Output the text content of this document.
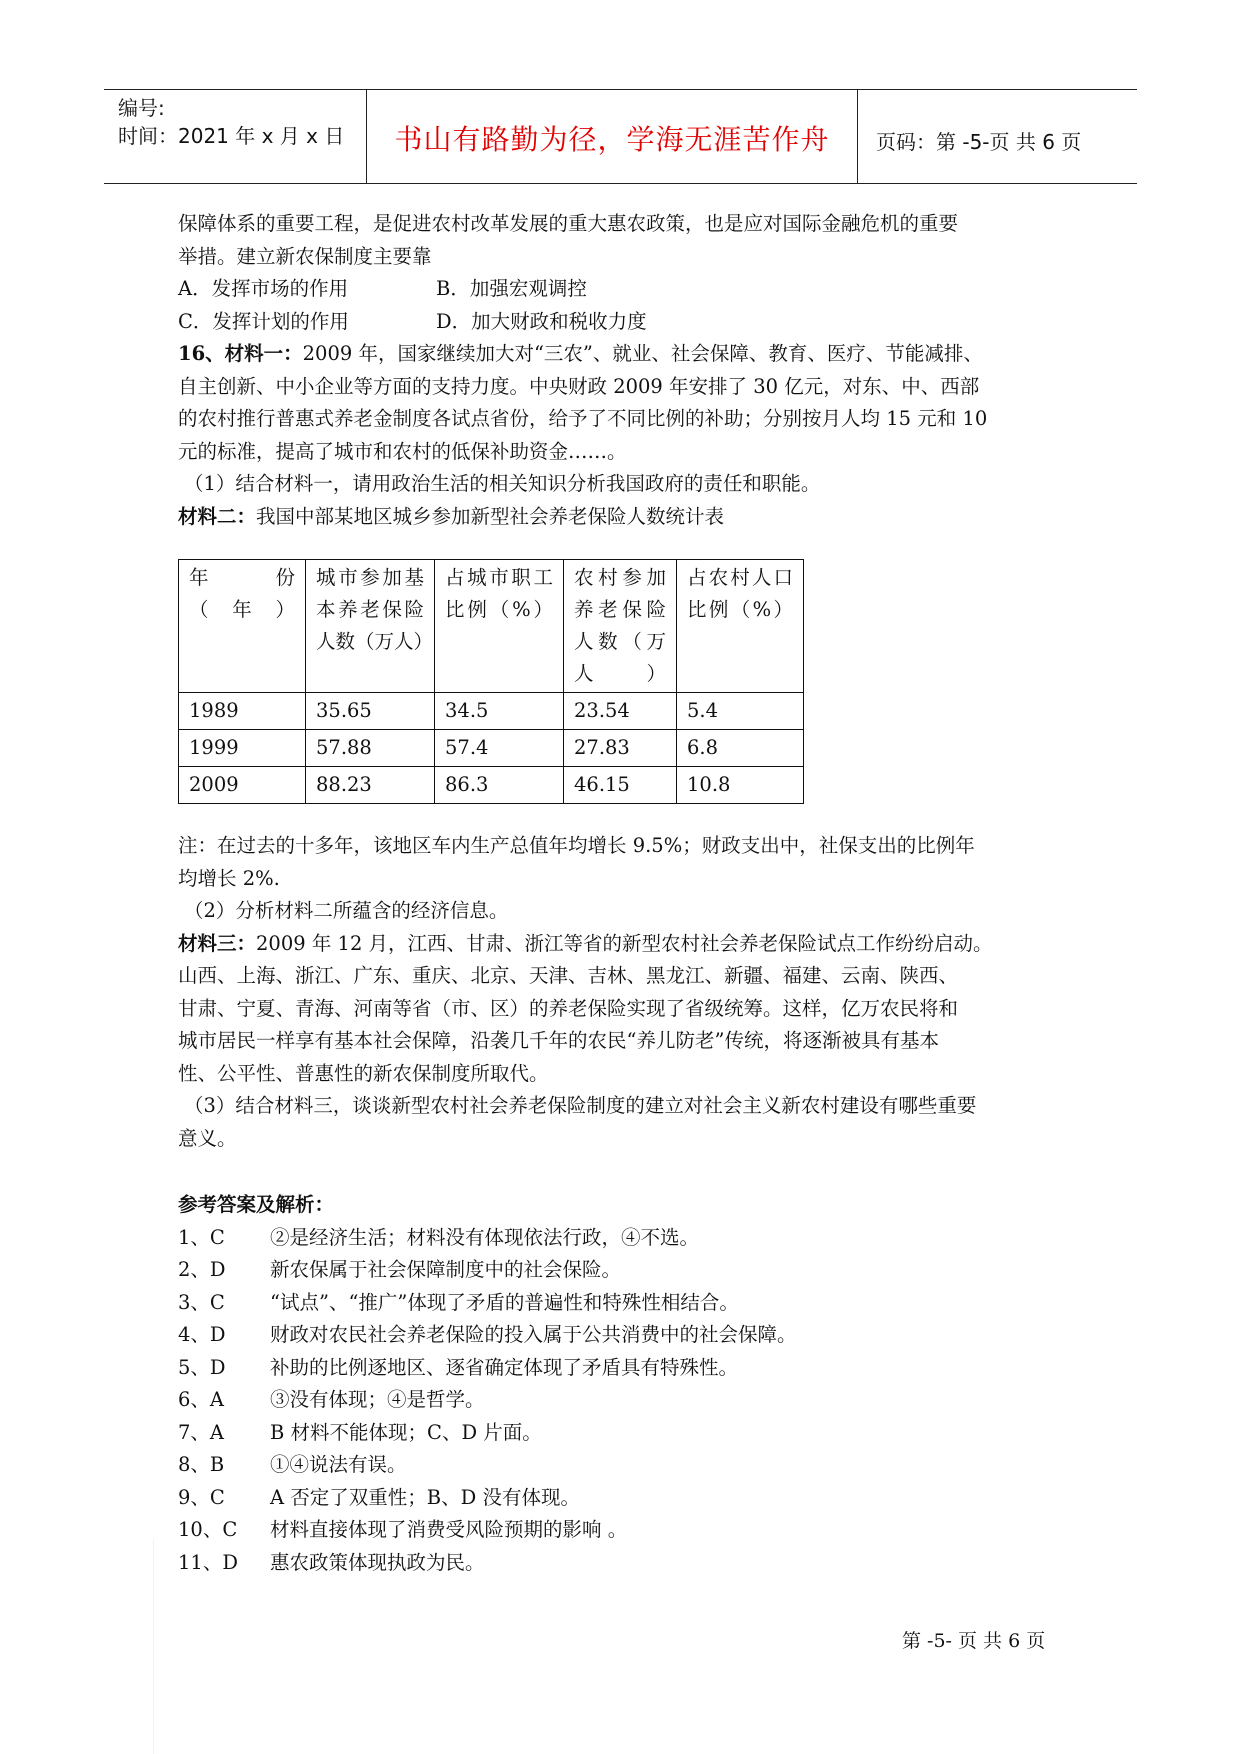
编号:
时间：2021 年 x 月 x 日	书山有路勤为径，学海无涯苦作舟	页码：第 -5-页 共 6 页

保障体系的重要工程，是促进农村改革发展的重大惠农政策，也是应对国际金融危机的重要

举措。建立新农保制度主要靠

A．发挥市场的作用	B．加强宏观调控

C．发挥计划的作用	D．加大财政和税收力度

16、材料一：2009 年，国家继续加大对“三农”、就业、社会保障、教育、医疗、节能减排、

自主创新、中小企业等方面的支持力度。中央财政 2009 年安排了 30 亿元，对东、中、西部

的农村推行普惠式养老金制度各试点省份，给予了不同比例的补助；分别按月人均 15 元和 10

元的标准，提高了城市和农村的低保补助资金……。

（1）结合材料一，请用政治生活的相关知识分析我国政府的责任和职能。

材料二：我国中部某地区城乡参加新型社会养老保险人数统计表

年　份（年）	城市参加基本养老保险人数（万人）	占城市职工比例（%）	农村参加养老保险人数（万人）	占农村人口比例（%）
1989	35.65	34.5	23.54	5.4
1999	57.88	57.4	27.83	6.8
2009	88.23	86.3	46.15	10.8

注：在过去的十多年，该地区车内生产总值年均增长 9.5%；财政支出中，社保支出的比例年

均增长 2%.

（2）分析材料二所蕴含的经济信息。

材料三：2009 年 12 月，江西、甘肃、浙江等省的新型农村社会养老保险试点工作纷纷启动。

山西、上海、浙江、广东、重庆、北京、天津、吉林、黑龙江、新疆、福建、云南、陕西、

甘肃、宁夏、青海、河南等省（市、区）的养老保险实现了省级统筹。这样，亿万农民将和

城市居民一样享有基本社会保障，沿袭几千年的农民“养儿防老”传统，将逐渐被具有基本

性、公平性、普惠性的新农保制度所取代。

（3）结合材料三，谈谈新型农村社会养老保险制度的建立对社会主义新农村建设有哪些重要

意义。

参考答案及解析：

1、C	②是经济生活；材料没有体现依法行政，④不选。
2、D	新农保属于社会保障制度中的社会保险。
3、C	“试点”、“推广”体现了矛盾的普遍性和特殊性相结合。
4、D	财政对农民社会养老保险的投入属于公共消费中的社会保障。
5、D	补助的比例逐地区、逐省确定体现了矛盾具有特殊性。
6、A	③没有体现；④是哲学。
7、A	B 材料不能体现；C、D 片面。
8、B	①④说法有误。
9、C	A 否定了双重性；B、D 没有体现。
10、C	材料直接体现了消费受风险预期的影响 。
11、D	惠农政策体现执政为民。
第 -5- 页 共 6 页
